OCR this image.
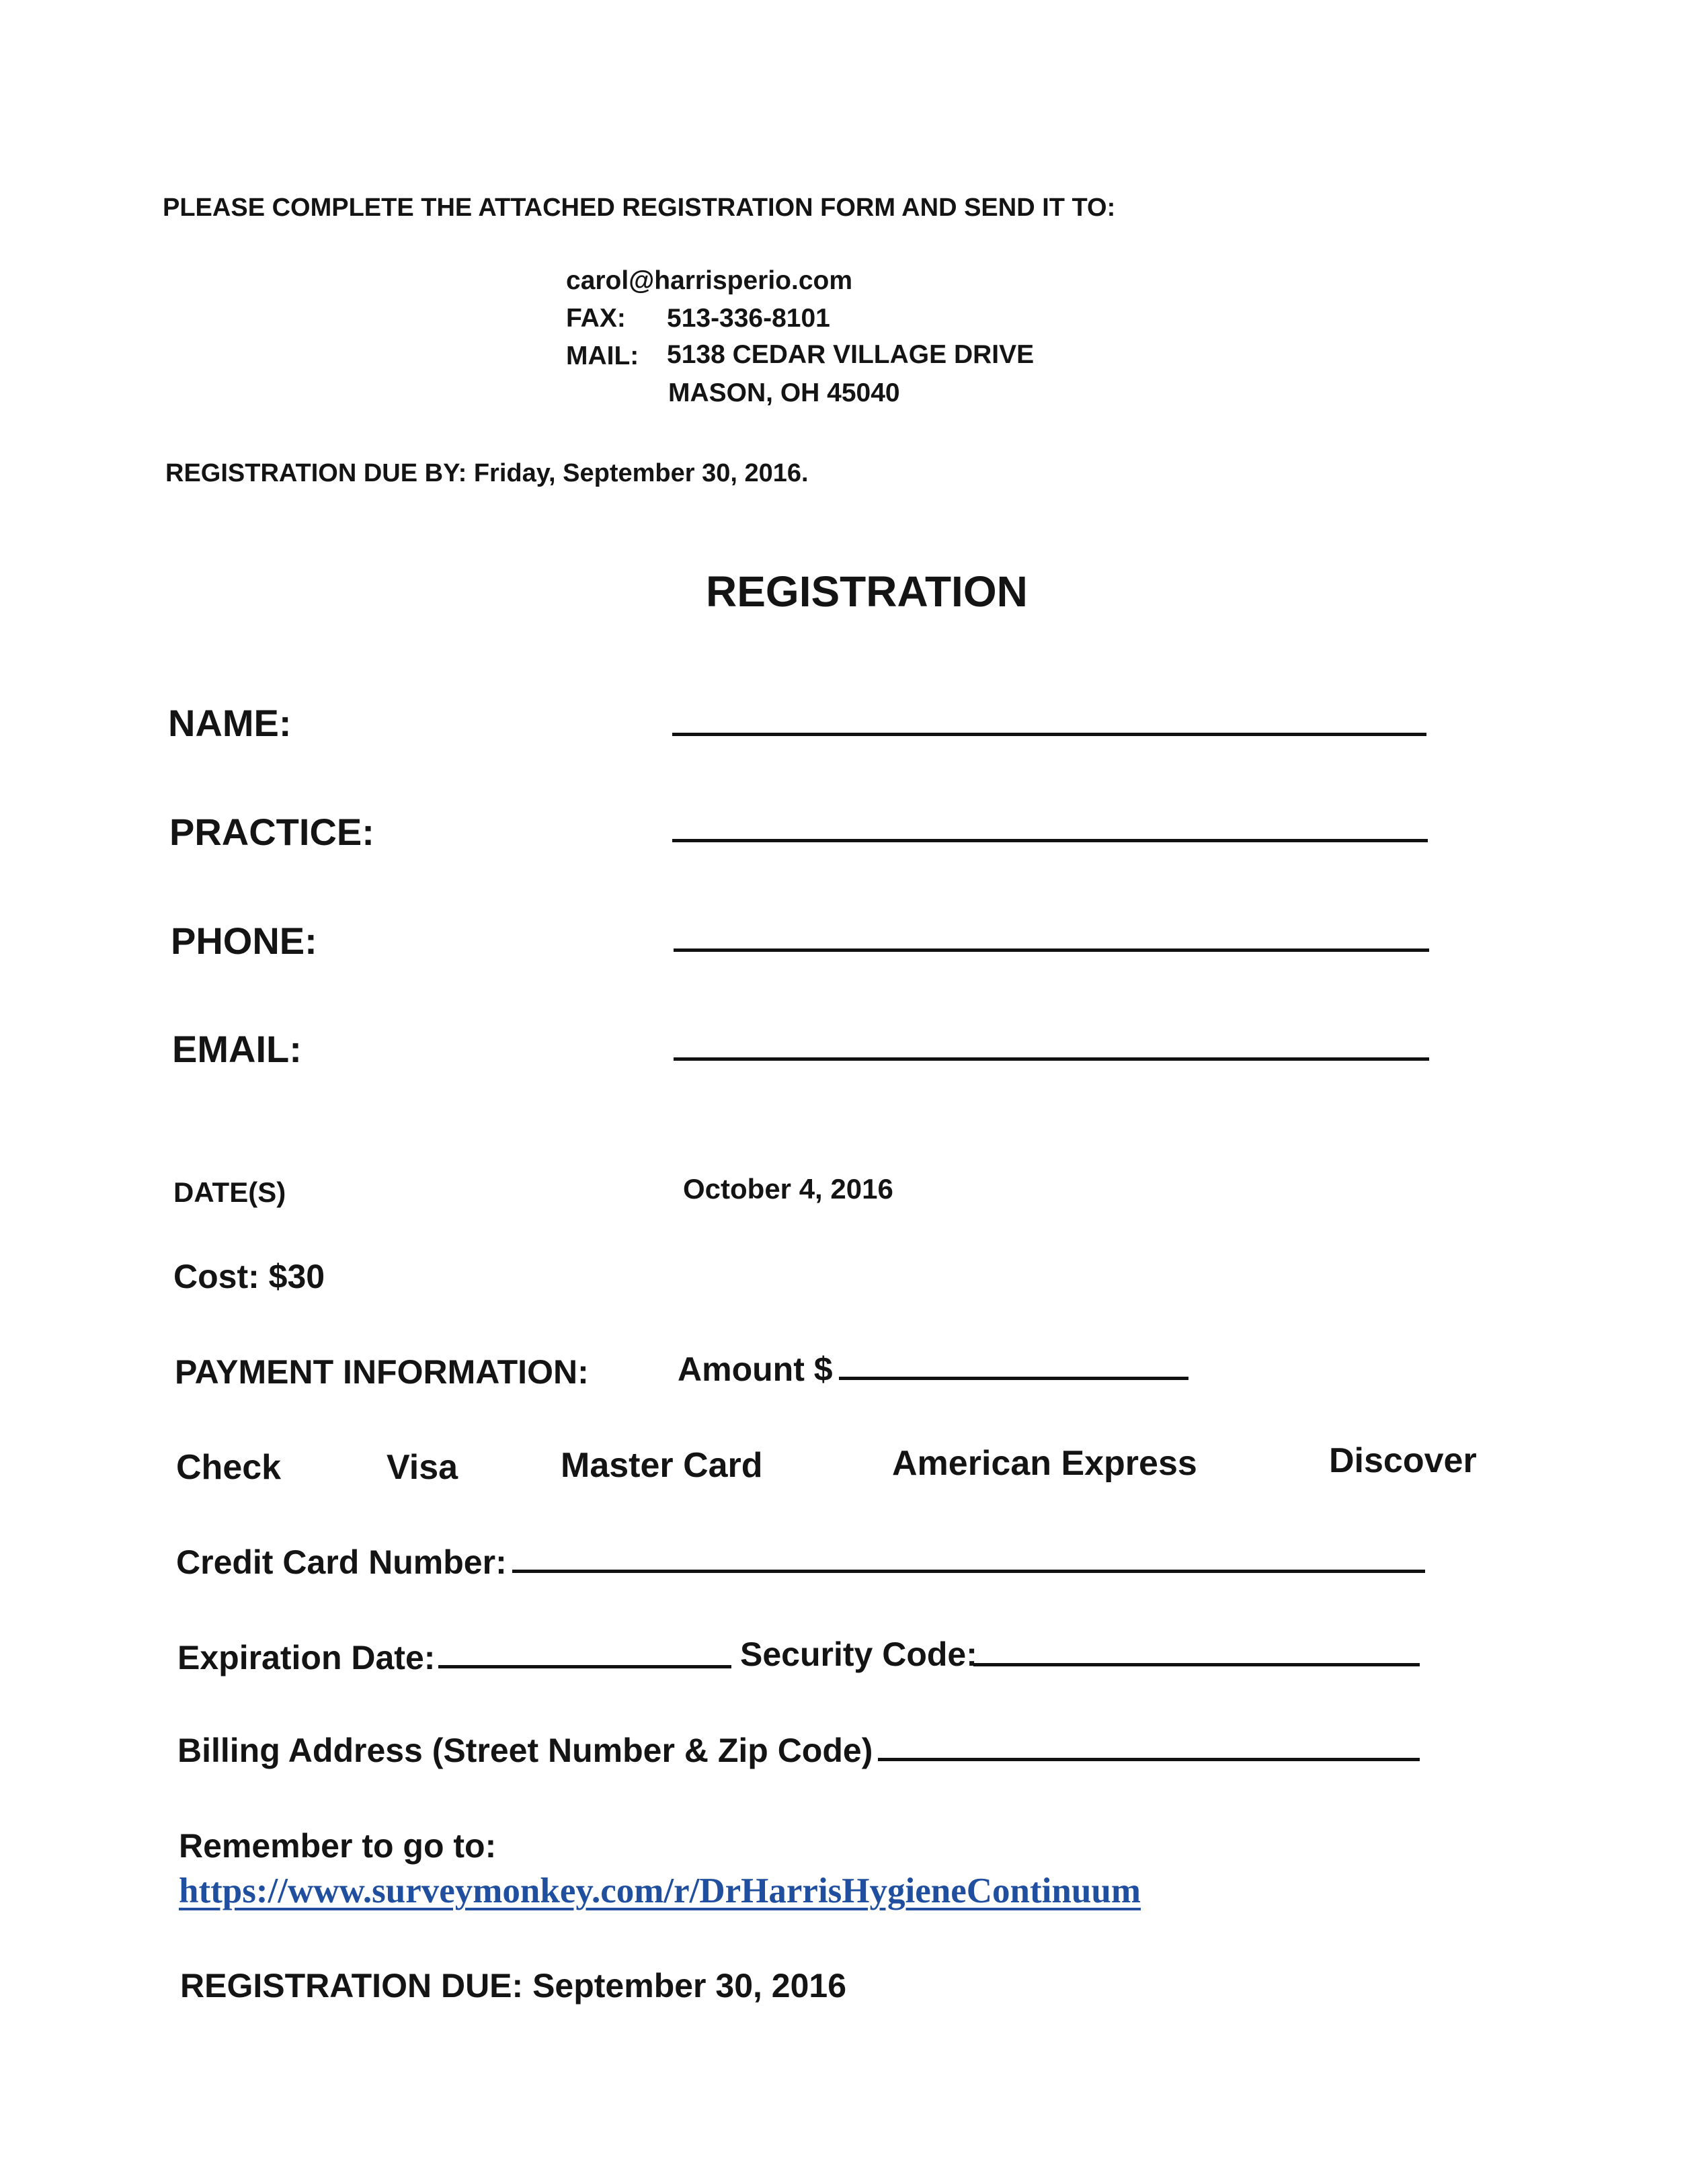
PLEASE COMPLETE THE ATTACHED REGISTRATION FORM AND SEND IT TO:
carol@harrisperio.com
FAX: 513-336-8101
MAIL: 5138 CEDAR VILLAGE DRIVE
MASON, OH 45040
REGISTRATION DUE BY: Friday, September 30, 2016.
REGISTRATION
NAME:
PRACTICE:
PHONE:
EMAIL:
DATE(S)	October 4, 2016
Cost: $30
PAYMENT INFORMATION:	Amount $
Check	Visa	Master Card	American Express	Discover
Credit Card Number:
Expiration Date:	Security Code:
Billing Address (Street Number & Zip Code)
Remember to go to:
https://www.surveymonkey.com/r/DrHarrisHygieneContinuum
REGISTRATION DUE: September 30, 2016
